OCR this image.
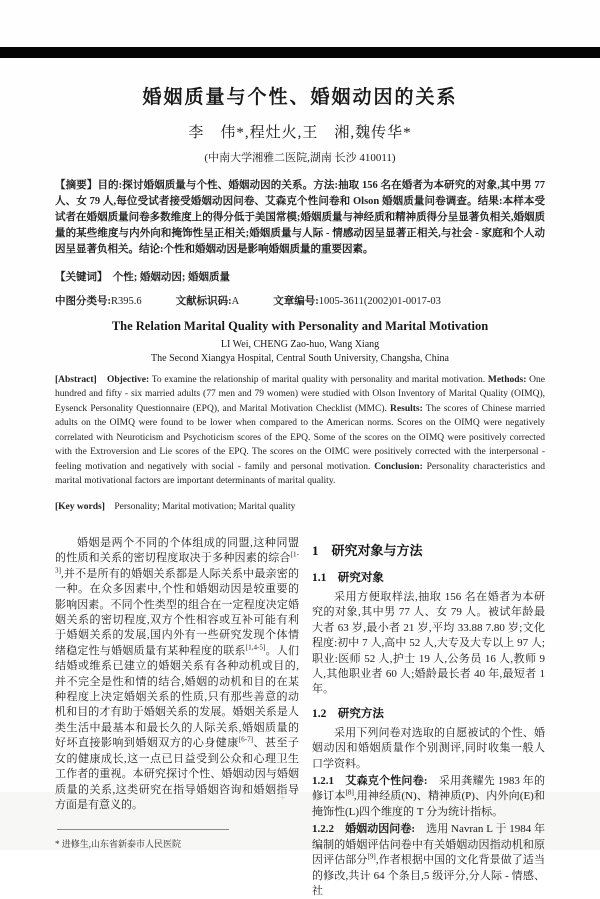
婚姻质量与个性、婚姻动因的关系
李　伟*,程灶火,王　湘,魏传华*
(中南大学湘雅二医院,湖南 长沙 410011)

【摘要】目的:探讨婚姻质量与个性、婚姻动因的关系。方法:抽取 156 名在婚者为本研究的对象,其中男 77 人、女 79 人,每位受试者接受婚姻动因问卷、艾森克个性问卷和 Olson 婚姻质量问卷调查。结果:本样本受试者在婚姻质量问卷多数维度上的得分低于美国常模;婚姻质量与神经质和精神质得分呈显著负相关,婚姻质量的某些维度与内外向和掩饰性呈正相关;婚姻质量与人际 - 情感动因呈显著正相关,与社会 - 家庭和个人动因呈显著负相关。结论:个性和婚姻动因是影响婚姻质量的重要因素。

【关键词】　个性; 婚姻动因; 婚姻质量
中图分类号:R395.6	文献标识码:A	文章编号:1005-3611(2002)01-0017-03
The Relation Marital Quality with Personality and Marital Motivation
LI Wei, CHENG Zao-huo, Wang Xiang
The Second Xiangya Hospital, Central South University, Changsha, China

[Abstract]　Objective: To examine the relationship of marital quality with personality and marital motivation. Methods: One hundred and fifty - six married adults (77 men and 79 women) were studied with Olson Inventory of Marital Quality (OIMQ), Eysenck Personality Questionnaire (EPQ), and Marital Motivation Checklist (MMC). Results: The scores of Chinese married adults on the OIMQ were found to be lower when compared to the American norms. Scores on the OIMQ were negatively correlated with Neuroticism and Psychoticism scores of the EPQ. Some of the scores on the OIMQ were positively corrected with the Extroversion and Lie scores of the EPQ. The scores on the OIMC were positively corrected with the interpersonal - feeling motivation and negatively with social - family and personal motivation. Conclusion: Personality characteristics and marital motivational factors are important determinants of marital quality.

[Key words]　Personality; Marital motivation; Marital quality

婚姻是两个不同的个体组成的同盟,这种同盟的性质和关系的密切程度取决于多种因素的综合[1-3],并不是所有的婚姻关系都是人际关系中最亲密的一种。在众多因素中,个性和婚姻动因是较重要的影响因素。不同个性类型的组合在一定程度决定婚姻关系的密切程度,双方个性相容或互补可能有利于婚姻关系的发展,国内外有一些研究发现个体情绪稳定性与婚姻质量有某种程度的联系[1,4-5]。人们结婚或维系已建立的婚姻关系有各种动机或目的,并不完全是性和情的结合,婚姻的动机和目的在某种程度上决定婚姻关系的性质,只有那些善意的动机和目的才有助于婚姻关系的发展。婚姻关系是人类生活中最基本和最长久的人际关系,婚姻质量的好坏直接影响到婚姻双方的心身健康[6-7]、甚至子女的健康成长,这一点已日益受到公众和心理卫生工作者的重视。本研究探讨个性、婚姻动因与婚姻质量的关系,这类研究在指导婚姻咨询和婚姻指导方面是有意义的。

* 进修生,山东省新泰市人民医院
1　研究对象与方法
1.1　研究对象

采用方便取样法,抽取 156 名在婚者为本研究的对象,其中男 77 人、女 79 人。被试年龄最大者 63 岁,最小者 21 岁,平均 33.88 7.80 岁;文化程度:初中 7 人,高中 52 人,大专及大专以上 97 人;职业:医师 52 人,护士 19 人,公务员 16 人,教师 9 人,其他职业者 60 人;婚龄最长者 40 年,最短者 1 年。

1.2　研究方法

采用下列问卷对选取的自愿被试的个性、婚姻动因和婚姻质量作个别测评,同时收集一般人口学资料。

1.2.1　艾森克个性问卷:　采用龚耀先 1983 年的修订本[8],用神经质(N)、精神质(P)、内外向(E)和掩饰性(L)四个维度的 T 分为统计指标。

1.2.2　婚姻动因问卷:　选用 Navran L 于 1984 年编制的婚姻评估问卷中有关婚姻动因指动机和原因评估部分[9],作者根据中国的文化背景做了适当的修改,共计 64 个条目,5 级评分,分人际 - 情感、社

+
